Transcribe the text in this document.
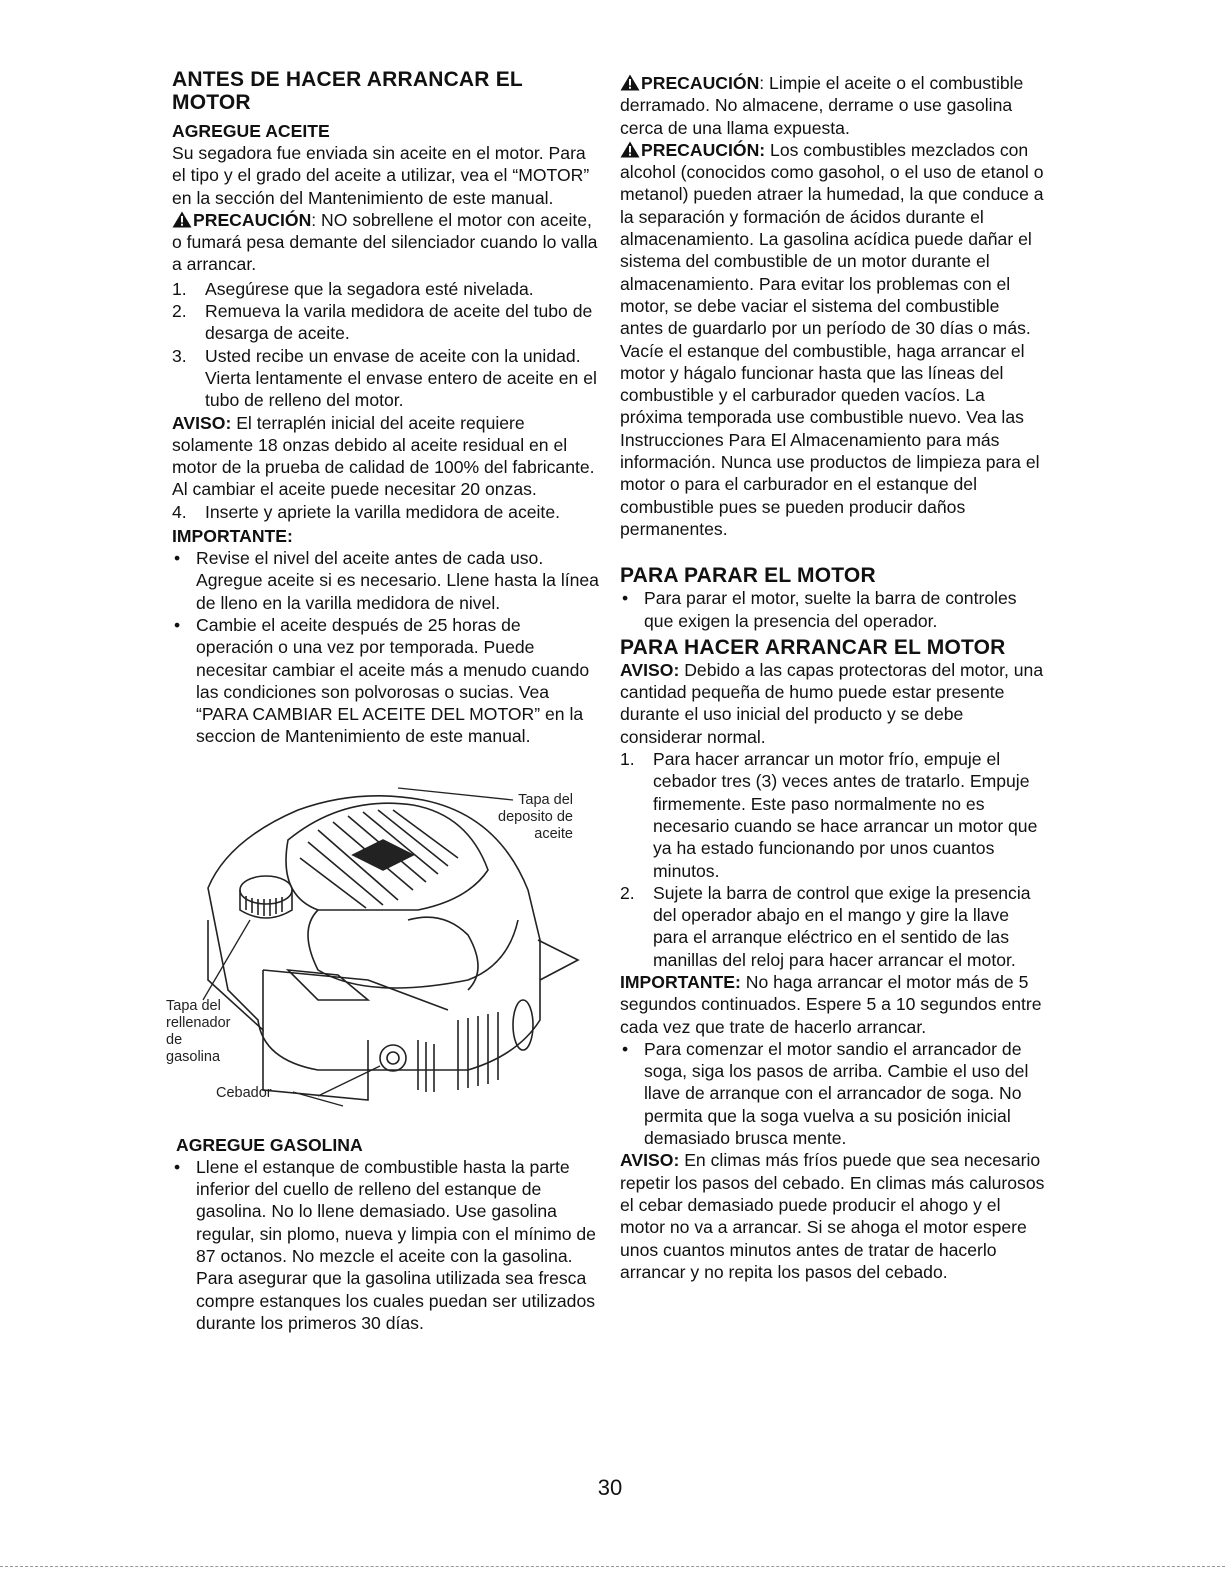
ANTES DE HACER ARRANCAR EL MOTOR
AGREGUE ACEITE

Su segadora fue enviada sin aceite en el motor. Para el tipo y el grado del aceite a utilizar, vea el “MOTOR” en la sección del Mantenimiento de este manual.

PRECAUCIÓN: NO sobrellene el motor con aceite, o fumará pesa demante del silenciador cuando lo valla a arrancar.

1. Asegúrese que la segadora esté nivelada.

2. Remueva la varila medidora de aceite del tubo de desarga de aceite.

3. Usted recibe un envase de aceite con la unidad. Vierta lentamente el envase entero de aceite en el tubo de relleno del motor.

AVISO: El terraplén inicial del aceite requiere solamente 18 onzas debido al aceite residual en el motor de la prueba de calidad de 100% del fabricante. Al cambiar el aceite puede necesitar 20 onzas.

4. Inserte y apriete la varilla medidora de aceite.

IMPORTANTE:

• Revise el nivel del aceite antes de cada uso. Agregue aceite si es necesario. Llene hasta la línea de lleno en la varilla medidora de nivel.

• Cambie el aceite después de 25 horas de operación o una vez por temporada. Puede necesitar cambiar el aceite más a menudo cuando las condiciones son polvorosas o sucias. Vea “PARA CAMBIAR EL ACEITE DEL MOTOR” en la seccion de Mantenimiento de este manual.

Tapa del
deposito de
aceite
Tapa del
rellenador
de
gasolina
Cebador
AGREGUE GASOLINA

• Llene el estanque de combustible hasta la parte inferior del cuello de relleno del estanque de gasolina. No lo llene demasiado. Use gasolina regular, sin plomo, nueva y limpia con el mínimo de 87 octanos. No mezcle el aceite con la gasolina. Para asegurar que la gasolina utilizada sea fresca compre estanques los cuales puedan ser utilizados durante los primeros 30 días.

PRECAUCIÓN: Limpie el aceite o el combustible derramado. No almacene, derrame o use gasolina cerca de una llama expuesta.

PRECAUCIÓN: Los combustibles mezclados con alcohol (conocidos como gasohol, o el uso de etanol o metanol) pueden atraer la humedad, la que conduce a la separación y formación de ácidos durante el almacenamiento. La gasolina acídica puede dañar el sistema del combustible de un motor durante el almacenamiento. Para evitar los problemas con el motor, se debe vaciar el sistema del combustible antes de guardarlo por un período de 30 días o más. Vacíe el estanque del combustible, haga arrancar el motor y hágalo funcionar hasta que las líneas del combustible y el carburador queden vacíos. La próxima temporada use combustible nuevo. Vea las Instrucciones Para El Almacenamiento para más información. Nunca use productos de limpieza para el motor o para el carburador en el estanque del combustible pues se pueden producir daños permanentes.

PARA PARAR EL MOTOR

• Para parar el motor, suelte la barra de controles que exigen la presencia del operador.

PARA HACER ARRANCAR EL MOTOR

AVISO: Debido a las capas protectoras del motor, una cantidad pequeña de humo puede estar presente durante el uso inicial del producto y se debe considerar normal.

1. Para hacer arrancar un motor frío, empuje el cebador tres (3) veces antes de tratarlo. Empuje firmemente. Este paso normalmente no es necesario cuando se hace arrancar un motor que ya ha estado funcionando por unos cuantos minutos.

2. Sujete la barra de control que exige la presencia del operador abajo en el mango y gire la llave para el arranque eléctrico en el sentido de las manillas del reloj para hacer arrancar el motor.

IMPORTANTE: No haga arrancar el motor más de 5 segundos continuados. Espere 5 a 10 segundos entre cada vez que trate de hacerlo arrancar.

• Para comenzar el motor sandio el arrancador de soga, siga los pasos de arriba. Cambie el uso del llave de arranque con el arrancador de soga. No permita que la soga vuelva a su posición inicial demasiado brusca mente.

AVISO: En climas más fríos puede que sea necesario repetir los pasos del cebado. En climas más calurosos el cebar demasiado puede producir el ahogo y el motor no va a arrancar. Si se ahoga el motor espere unos cuantos minutos antes de tratar de hacerlo arrancar y no repita los pasos del cebado.

30
